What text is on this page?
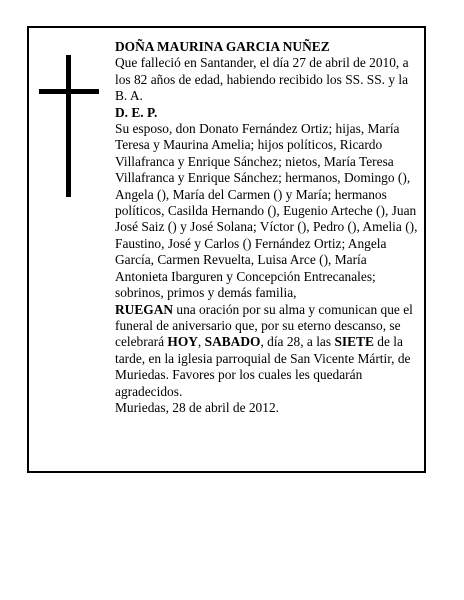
DOÑA MAURINA GARCIA NUÑEZ

Que falleció en Santander, el día 27 de abril de 2010, a los 82 años de edad, habiendo recibido los SS. SS. y la B. A.

D. E. P.

Su esposo, don Donato Fernández Ortiz; hijas, María Teresa y Maurina Amelia; hijos políticos, Ricardo Villafranca y Enrique Sánchez; nietos, María Teresa Villafranca y Enrique Sánchez; hermanos, Domingo (), Angela (), María del Carmen () y María; hermanos políticos, Casilda Hernando (), Eugenio Arteche (), Juan José Saiz () y José Solana; Víctor (), Pedro (), Amelia (), Faustino, José y Carlos () Fernández Ortiz; Angela García, Carmen Revuelta, Luisa Arce (), María Antonieta Ibarguren y Concepción Entrecanales; sobrinos, primos y demás familia,

RUEGAN una oración por su alma y comunican que el funeral de aniversario que, por su eterno descanso, se celebrará HOY, SABADO, día 28, a las SIETE de la tarde, en la iglesia parroquial de San Vicente Mártir, de Muriedas. Favores por los cuales les quedarán agradecidos.

Muriedas, 28 de abril de 2012.
